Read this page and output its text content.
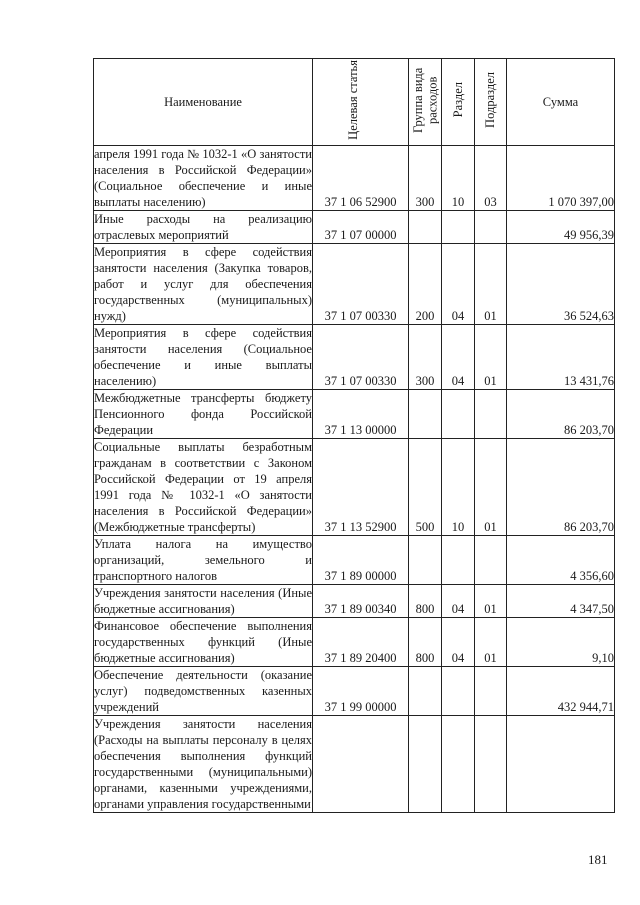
Наименование	Целевая статья	Группа вида расходов	Раздел	Подраздел	Сумма
апреля 1991 года № 1032-1 «О занятости населения в Российской Федерации» (Социальное обеспечение и иные выплаты населению)	37 1 06 52900	300	10	03	1 070 397,00
Иные расходы на реализацию отраслевых мероприятий	37 1 07 00000				49 956,39
Мероприятия в сфере содействия занятости населения (Закупка товаров, работ и услуг для обеспечения государственных (муниципальных) нужд)	37 1 07 00330	200	04	01	36 524,63
Мероприятия в сфере содействия занятости населения (Социальное обеспечение и иные выплаты населению)	37 1 07 00330	300	04	01	13 431,76
Межбюджетные трансферты бюджету Пенсионного фонда Российской Федерации	37 1 13 00000				86 203,70
Социальные выплаты безработным гражданам в соответствии с Законом Российской Федерации от 19 апреля 1991 года № 1032-1 «О занятости населения в Российской Федерации» (Межбюджетные трансферты)	37 1 13 52900	500	10	01	86 203,70
Уплата налога на имущество организаций, земельного и транспортного налогов	37 1 89 00000				4 356,60
Учреждения занятости населения (Иные бюджетные ассигнования)	37 1 89 00340	800	04	01	4 347,50
Финансовое обеспечение выполнения государственных функций (Иные бюджетные ассигнования)	37 1 89 20400	800	04	01	9,10
Обеспечение деятельности (оказание услуг) подведомственных казенных учреждений	37 1 99 00000				432 944,71
Учреждения занятости населения (Расходы на выплаты персоналу в целях обеспечения выполнения функций государственными (муниципальными) органами, казенными учреждениями, органами управления государственными					
181
